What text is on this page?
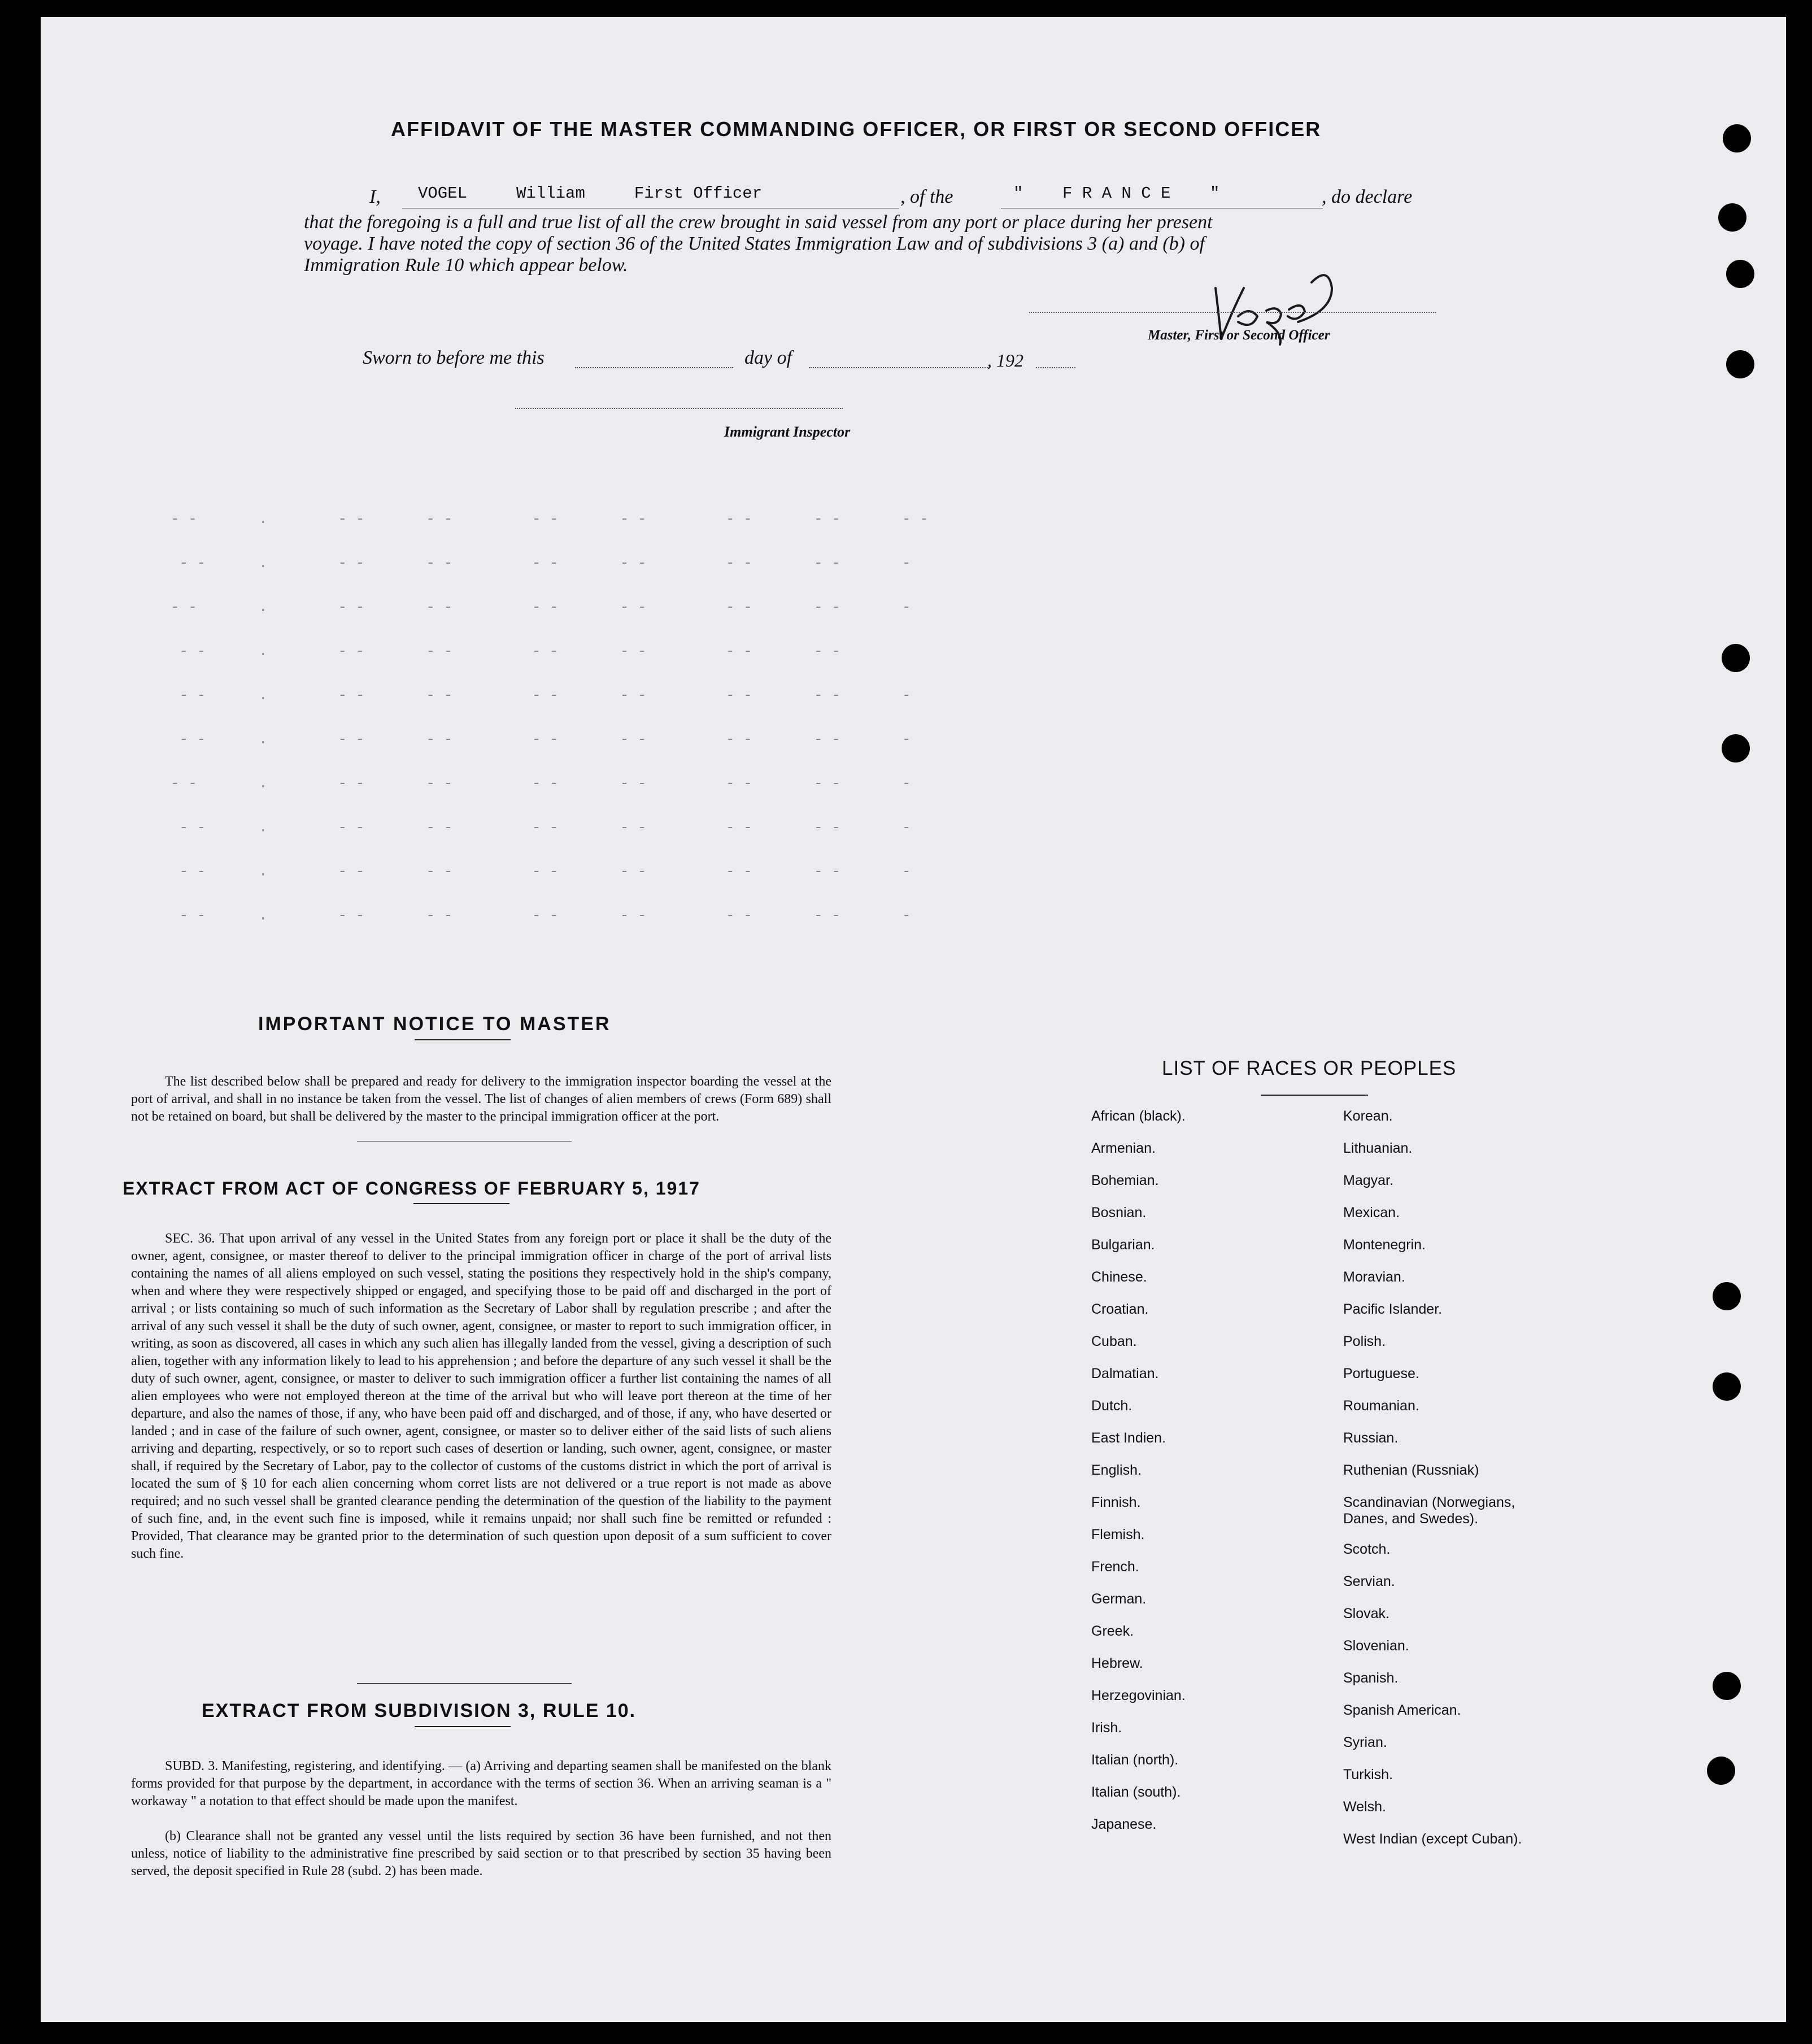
AFFIDAVIT OF THE MASTER COMMANDING OFFICER, OR FIRST OR SECOND OFFICER
I, VOGEL     William     First Officer	, of the	"    F R A N C E    "	, do declare
that the foregoing is a full and true list of all the crew brought in said vessel from any port or place during her present
voyage. I have noted the copy of section 36 of the United States Immigration Law and of subdivisions 3 (a) and (b) of
Immigration Rule 10 which appear below.
Master, First or Second Officer
Sworn to before me this	day of	, 192
Immigrant Inspector
- -       .        - -       - -         - -       - -         - -       - -       - -
- -      .        - -       - -         - -       - -         - -       - -       -
- -       .        - -       - -         - -       - -         - -       - -       -
- -      .        - -       - -         - -       - -         - -       - -
- -      .        - -       - -         - -       - -         - -       - -       -
- -      .        - -       - -         - -       - -         - -       - -       -
- -       .        - -       - -         - -       - -         - -       - -       -
- -      .        - -       - -         - -       - -         - -       - -       -
- -      .        - -       - -         - -       - -         - -       - -       -
- -      .        - -       - -         - -       - -         - -       - -       -
IMPORTANT NOTICE TO MASTER
The list described below shall be prepared and ready for delivery to the immigration inspector boarding the vessel at the port of arrival, and shall in no instance be taken from the vessel. The list of changes of alien members of crews (Form 689) shall not be retained on board, but shall be delivered by the master to the principal immigration officer at the port.
EXTRACT FROM ACT OF CONGRESS OF FEBRUARY 5, 1917
SEC. 36. That upon arrival of any vessel in the United States from any foreign port or place it shall be the duty of the owner, agent, consignee, or master thereof to deliver to the principal immigration officer in charge of the port of arrival lists containing the names of all aliens employed on such vessel, stating the positions they respectively hold in the ship's company, when and where they were respectively shipped or engaged, and specifying those to be paid off and discharged in the port of arrival ; or lists containing so much of such information as the Secretary of Labor shall by regulation prescribe ; and after the arrival of any such vessel it shall be the duty of such owner, agent, consignee, or master to report to such immigration officer, in writing, as soon as discovered, all cases in which any such alien has illegally landed from the vessel, giving a description of such alien, together with any information likely to lead to his apprehension ; and before the departure of any such vessel it shall be the duty of such owner, agent, consignee, or master to deliver to such immigration officer a further list containing the names of all alien employees who were not employed thereon at the time of the arrival but who will leave port thereon at the time of her departure, and also the names of those, if any, who have been paid off and discharged, and of those, if any, who have deserted or landed ; and in case of the failure of such owner, agent, consignee, or master so to deliver either of the said lists of such aliens arriving and departing, respectively, or so to report such cases of desertion or landing, such owner, agent, consignee, or master shall, if required by the Secretary of Labor, pay to the collector of customs of the customs district in which the port of arrival is located the sum of § 10 for each alien concerning whom corret lists are not delivered or a true report is not made as above required; and no such vessel shall be granted clearance pending the determination of the question of the liability to the payment of such fine, and, in the event such fine is imposed, while it remains unpaid; nor shall such fine be remitted or refunded : Provided, That clearance may be granted prior to the determination of such question upon deposit of a sum sufficient to cover such fine.
EXTRACT FROM SUBDIVISION 3, RULE 10.
SUBD. 3. Manifesting, registering, and identifying. — (a) Arriving and departing seamen shall be manifested on the blank forms provided for that purpose by the department, in accordance with the terms of section 36. When an arriving seaman is a " workaway " a notation to that effect should be made upon the manifest.
(b) Clearance shall not be granted any vessel until the lists required by section 36 have been furnished, and not then unless, notice of liability to the administrative fine prescribed by said section or to that prescribed by section 35 having been served, the deposit specified in Rule 28 (subd. 2) has been made.
LIST OF RACES OR PEOPLES
African (black).
Armenian.
Bohemian.
Bosnian.
Bulgarian.
Chinese.
Croatian.
Cuban.
Dalmatian.
Dutch.
East Indien.
English.
Finnish.
Flemish.
French.
German.
Greek.
Hebrew.
Herzegovinian.
Irish.
Italian (north).
Italian (south).
Japanese.
Korean.
Lithuanian.
Magyar.
Mexican.
Montenegrin.
Moravian.
Pacific Islander.
Polish.
Portuguese.
Roumanian.
Russian.
Ruthenian (Russniak)
Scandinavian (Norwegians, Danes, and Swedes).
Scotch.
Servian.
Slovak.
Slovenian.
Spanish.
Spanish American.
Syrian.
Turkish.
Welsh.
West Indian (except Cuban).
